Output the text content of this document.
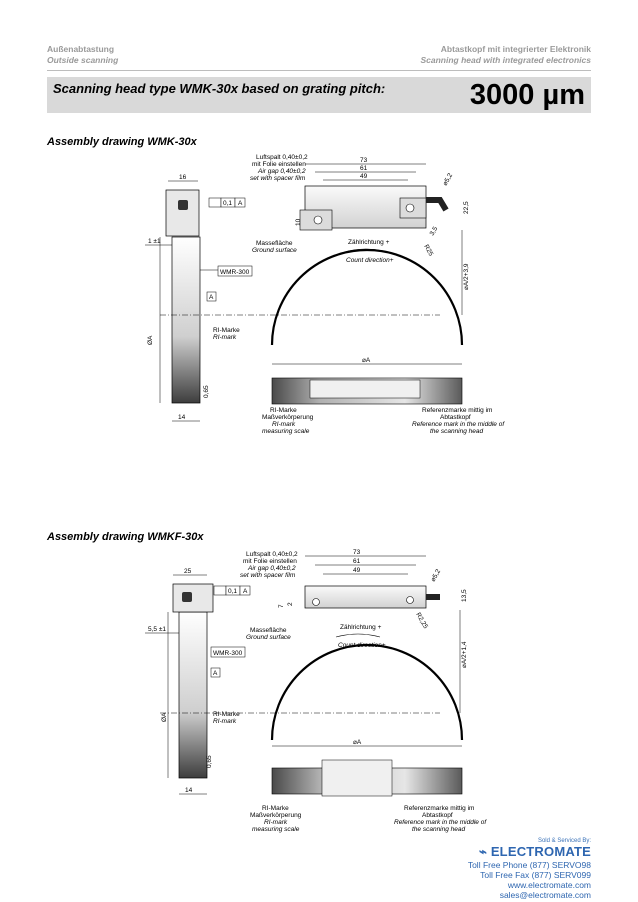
Außenabtastung
Outside scanning
Abtastkopf mit integrierter Elektronik
Scanning head with integrated electronics
Scanning head type WMK-30x based on grating pitch:	3000 µm
Assembly drawing WMK-30x
Assembly drawing WMKF-30x
16
0,1 A
1 ±1
WMR-300
A
RI-Marke
RI-mark
ØA
0,65
14
73
61
49
Luftspalt 0,40±0,2
mit Folie einstellen
Air gap 0,40±0,2
set with spacer film
10
⌀5,2
22,5
3,5
R25
⌀A/2+3,9
Massefläche
Ground surface
Zählrichtung +
Count direction+
⌀A
RI-Marke
Maßverkörperung
RI-mark
measuring scale
Referenzmarke mittig im
Abtastkopf
Reference mark in the middle of
the scanning head
25
0,1 A
5,5 ±1
WMR-300
A
RI-Marke
RI-mark
ØA
0,65
14
73
61
49
Luftspalt 0,40±0,2
mit Folie einstellen
Air gap 0,40±0,2
set with spacer film
7
2
⌀5,2
13,5
R2,25
⌀A/2+1,4
Massefläche
Ground surface
Zählrichtung +
Count direction+
⌀A
RI-Marke
Maßverkörperung
RI-mark
measuring scale
Referenzmarke mittig im
Abtastkopf
Reference mark in the middle of
the scanning head
Sold & Serviced By:
⌁ ELECTROMATE
Toll Free Phone (877) SERVO98
Toll Free Fax (877) SERV099
www.electromate.com
sales@electromate.com
